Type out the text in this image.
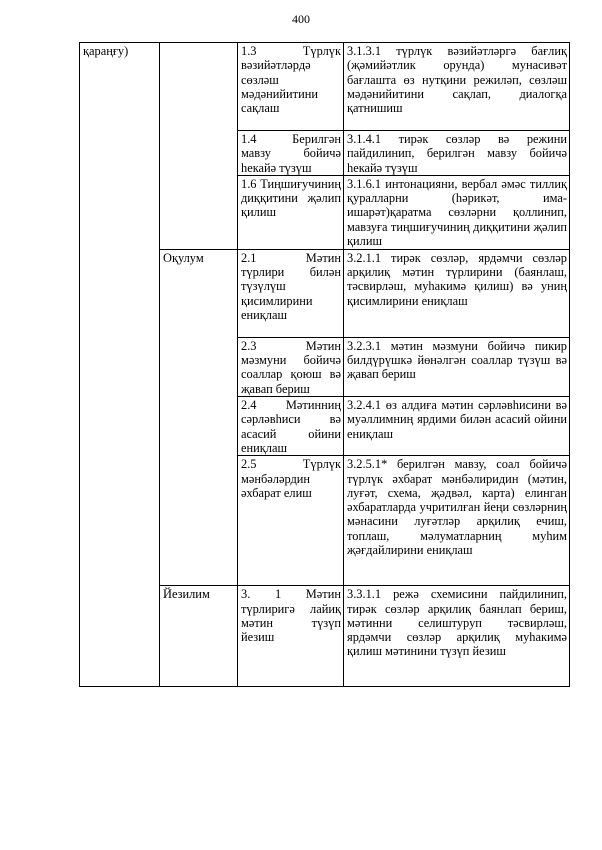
400
қараңғу)		1.3 Түрлүк вәзийәтләрдә сөзләш мәдәнийитини сақлаш	3.1.3.1 түрлүк вәзийәтләргә бағлиқ (җәмийәтлик орунда) мунасивәт бағлашта өз нутқини режиләп, сөзләш мәдәнийитини сақлап, диалогқа қатнишиш

		1.4 Берилгән мавзу бойичә һекайә түзүш	3.1.4.1 тирәк сөзләр вә режини пайдилинип, берилгән мавзу бойичә һекайә түзүш

		1.6 Тиңшиғучиниң диққитини җәлип қилиш	3.1.6.1 интонацияни, вербал әмәс тиллиқ қуралларни (һәрикәт, има-ишарәт)қаратма сөзләрни қоллинип, мавзуға тиңшиғучиниң диққитини җәлип қилиш

	Оқулум	2.1 Мәтин түрлири билән түзүлүш қисимлирини ениқлаш	3.2.1.1 тирәк сөзләр, ярдәмчи сөзләр арқилиқ мәтин түрлирини (баянлаш, тәсвирләш, муһакимә қилиш) вә униң қисимлирини ениқлаш

		2.3 Мәтин мәзмуни бойичә соаллар қоюш вә җавап бериш	3.2.3.1 мәтин мәзмуни бойичә пикир билдүрүшкә йөнәлгән соаллар түзүш вә җавап бериш

		2.4 Мәтинниң сәрләвһиси вә асасий ойини ениқлаш	3.2.4.1 өз алдиға мәтин сәрләвһисини вә муәллимниң ярдими билән асасий ойини ениқлаш

		2.5 Түрлүк мәнбәләрдин әхбарат елиш	3.2.5.1* берилгән мавзу, соал бойичә түрлүк әхбарат мәнбәлиридин (мәтин, луғәт, схема, җәдвәл, карта) елинган әхбаратларда учритилған йеңи сөзләрниң мәнасини луғәтләр арқилиқ ечиш, топлаш, мәлуматларниң муһим җәғдайлирини ениқлаш

	Йезилим	3. 1 Мәтин түрлиригә лайиқ мәтин түзүп йезиш	3.3.1.1 режә схемисини пайдилинип, тирәк сөзләр арқилиқ баянлап бериш, мәтинни селиштуруп тәсвирләш, ярдәмчи сөзләр арқилиқ муһакимә қилиш мәтинини түзүп йезиш
